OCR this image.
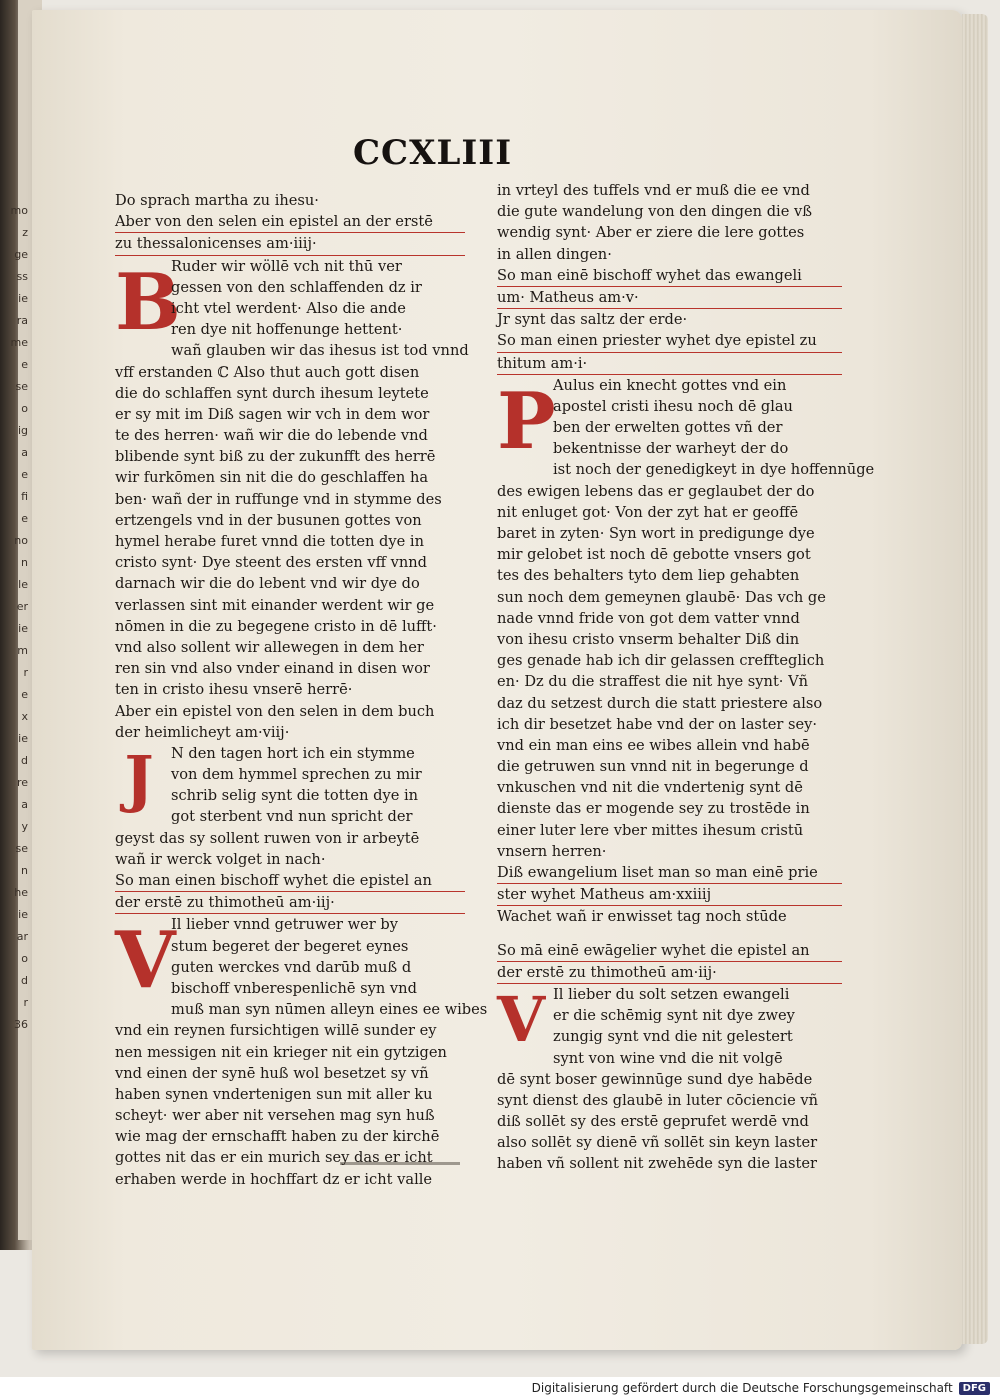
mo
z
ge
ss
ie
ra
me
e
se
o
ig
a
e
fi
e
no
n
le
er
ie
m
r
e
x
ie
d
re
a
y
se
n
he
ie
ar
o
d
r
36
CCXLIII
Do sprach martha zu ihesu·
Aber von den selen ein epistel an der erstē
zu thessalonicenses am·iiij·
B
Ruder wir wöllē vch nit thū ver
gessen von den schlaffenden dz ir
icht vtel werdent· Also die ande
ren dye nit hoffenunge hettent·
wañ glauben wir das ihesus ist tod vnnd
vff erstanden ℂ Also thut auch gott disen
die do schlaffen synt durch ihesum leytete
er sy mit im Diß sagen wir vch in dem wor
te des herren· wañ wir die do lebende vnd
blibende synt biß zu der zukunfft des herrē
wir furkōmen sin nit die do geschlaffen ha
ben· wañ der in ruffunge vnd in stymme des
ertzengels vnd in der busunen gottes von
hymel herabe furet vnnd die totten dye in
cristo synt· Dye steent des ersten vff vnnd
darnach wir die do lebent vnd wir dye do
verlassen sint mit einander werdent wir ge
nōmen in die zu begegene cristo in dē lufft·
vnd also sollent wir allewegen in dem her
ren sin vnd also vnder einand in disen wor
ten in cristo ihesu vnserē herrē·
Aber ein epistel von den selen in dem buch
der heimlicheyt am·viij·
J	N den tagen hort ich ein stymme
von dem hymmel sprechen zu mir
schrib selig synt die totten dye in
got sterbent vnd nun spricht der
geyst das sy sollent ruwen von ir arbeytē
wañ ir werck volget in nach·
So man einen bischoff wyhet die epistel an
der erstē zu thimotheū am·iij·
V
Il lieber vnnd getruwer wer by
stum begeret der begeret eynes
guten werckes vnd darūb muß d
bischoff vnberespenlichē syn vnd
muß man syn nūmen alleyn eines ee wibes
vnd ein reynen fursichtigen willē sunder ey
nen messigen nit ein krieger nit ein gytzigen
vnd einen der synē huß wol besetzet sy vñ
haben synen vndertenigen sun mit aller ku
scheyt· wer aber nit versehen mag syn huß
wie mag der ernschafft haben zu der kirchē
gottes nit das er ein murich sey das er icht
erhaben werde in hochffart dz er icht valle
in vrteyl des tuffels vnd er muß die ee vnd
die gute wandelung von den dingen die vß
wendig synt· Aber er ziere die lere gottes
in allen dingen·
So man einē bischoff wyhet das ewangeli
um· Matheus am·v·
Jr synt das saltz der erde·
So man einen priester wyhet dye epistel zu
thitum am·i·
P
Aulus ein knecht gottes vnd ein
apostel cristi ihesu noch dē glau
ben der erwelten gottes vñ der
bekentnisse der warheyt der do
ist noch der genedigkeyt in dye hoffennūge
des ewigen lebens das er geglaubet der do
nit enluget got· Von der zyt hat er geoffē
baret in zyten· Syn wort in predigunge dye
mir gelobet ist noch dē gebotte vnsers got
tes des behalters tyto dem liep gehabten
sun noch dem gemeynen glaubē· Das vch ge
nade vnnd fride von got dem vatter vnnd
von ihesu cristo vnserm behalter Diß din
ges genade hab ich dir gelassen creffteglich
en· Dz du die straffest die nit hye synt· Vñ
daz du setzest durch die statt priestere also
ich dir besetzet habe vnd der on laster sey·
vnd ein man eins ee wibes allein vnd habē
die getruwen sun vnnd nit in begerunge d
vnkuschen vnd nit die vndertenig synt dē
dienste das er mogende sey zu trostēde in
einer luter lere vber mittes ihesum cristū
vnsern herren·
Diß ewangelium liset man so man einē prie
ster wyhet Matheus am·xxiiij
Wachet wañ ir enwisset tag noch stūde
So mā einē ewāgelier wyhet die epistel an
der erstē zu thimotheū am·iij·
V Il lieber du solt setzen ewangeli
er die schēmig synt nit dye zwey
zungig synt vnd die nit gelestert
synt von wine vnd die nit volgē
dē synt boser gewinnūge sund dye habēde
synt dienst des glaubē in luter cōciencie vñ
diß sollēt sy des erstē geprufet werdē vnd
also sollēt sy dienē vñ sollēt sin keyn laster
haben vñ sollent nit zwehēde syn die laster
Digitalisierung gefördert durch die Deutsche Forschungsgemeinschaft	DFG
